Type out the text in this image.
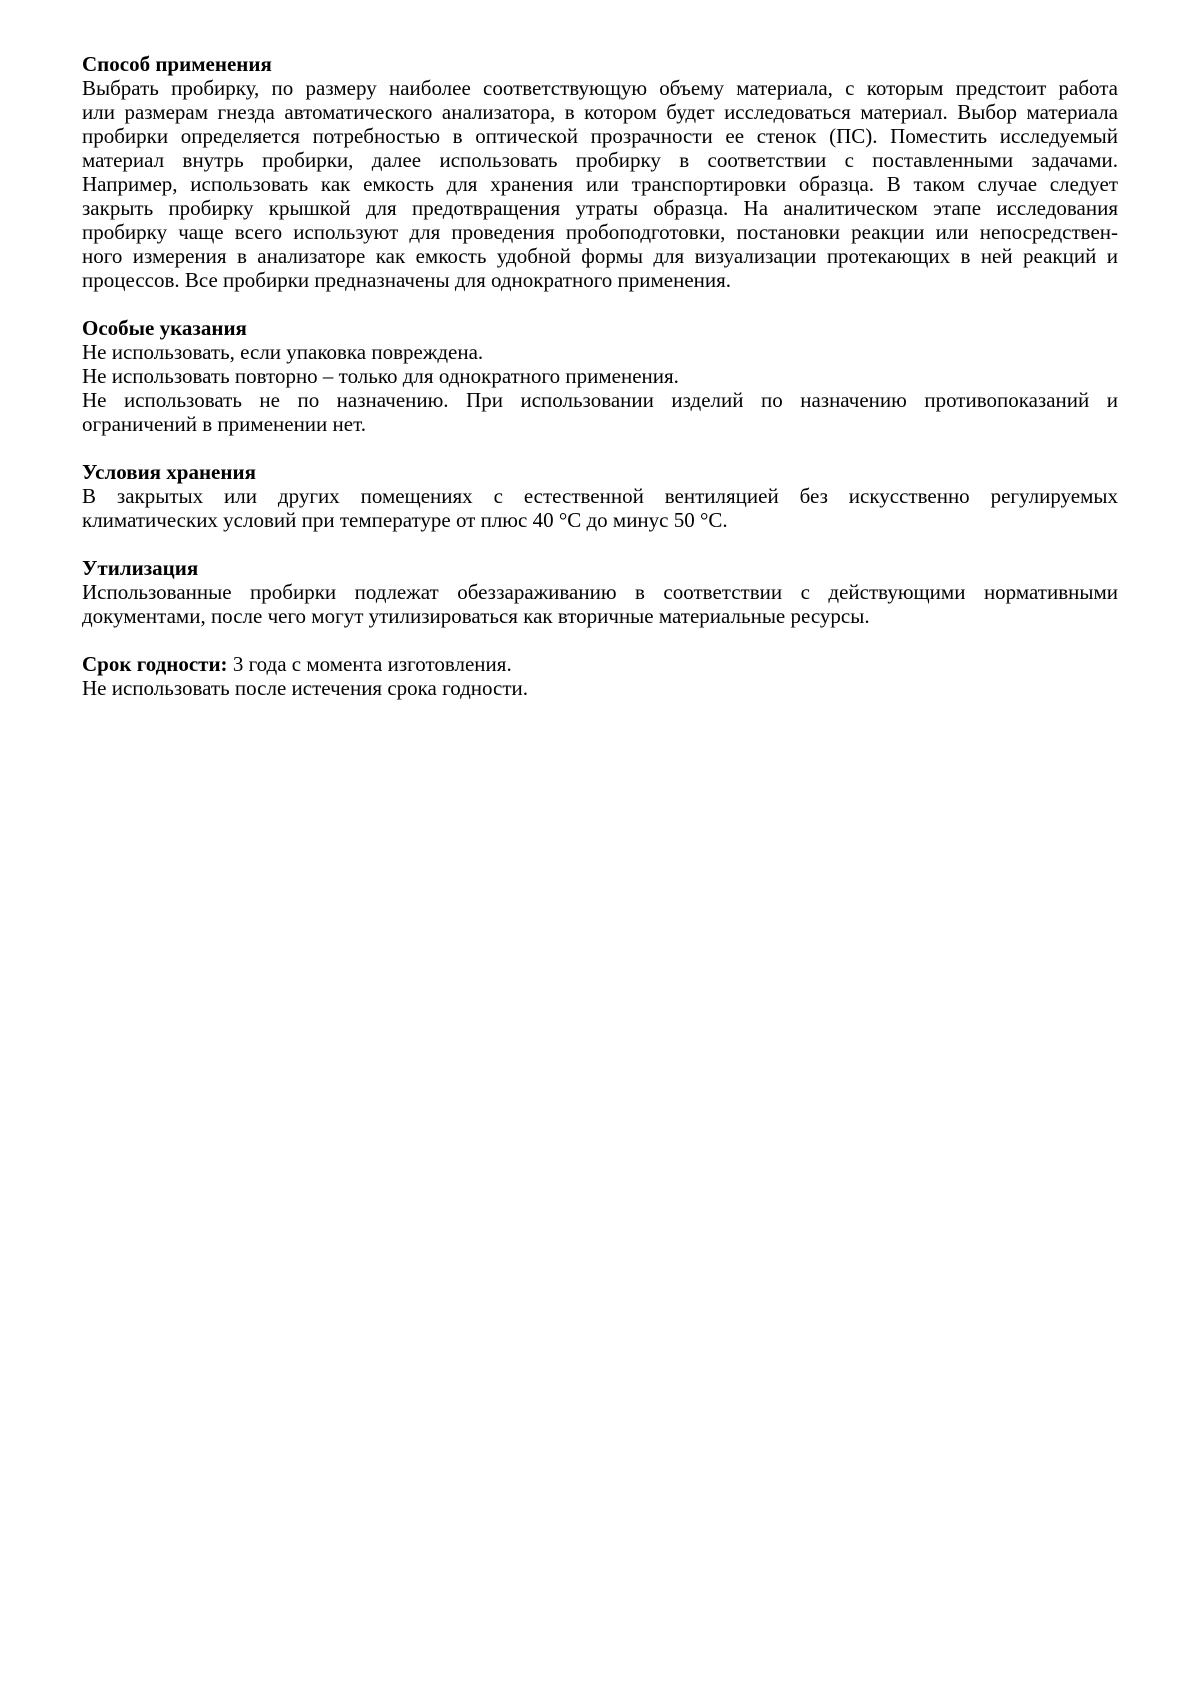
Способ применения
Выбрать пробирку, по размеру наиболее соответствующую объему материала, с которым предстоит работа
или размерам гнезда автоматического анализатора, в котором будет исследоваться материал. Выбор материала
пробирки определяется потребностью в оптической прозрачности ее стенок (ПС). Поместить исследуемый
материал внутрь пробирки, далее использовать пробирку в соответствии с поставленными задачами.
Например, использовать как емкость для хранения или транспортировки образца. В таком случае следует
закрыть пробирку крышкой для предотвращения утраты образца. На аналитическом этапе исследования
пробирку чаще всего используют для проведения пробоподготовки, постановки реакции или непосредствен-
ного измерения в анализаторе как емкость удобной формы для визуализации протекающих в ней реакций и
процессов. Все пробирки предназначены для однократного применения.
Особые указания
Не использовать, если упаковка повреждена.
Не использовать повторно – только для однократного применения.
Не использовать не по назначению. При использовании изделий по назначению противопоказаний и
ограничений в применении нет.
Условия хранения
В закрытых или других помещениях с естественной вентиляцией без искусственно регулируемых
климатических условий при температуре от плюс 40 °С до минус 50 °С.
Утилизация
Использованные пробирки подлежат обеззараживанию в соответствии с действующими нормативными
документами, после чего могут утилизироваться как вторичные материальные ресурсы.
Срок годности: 3 года с момента изготовления.
Не использовать после истечения срока годности.
